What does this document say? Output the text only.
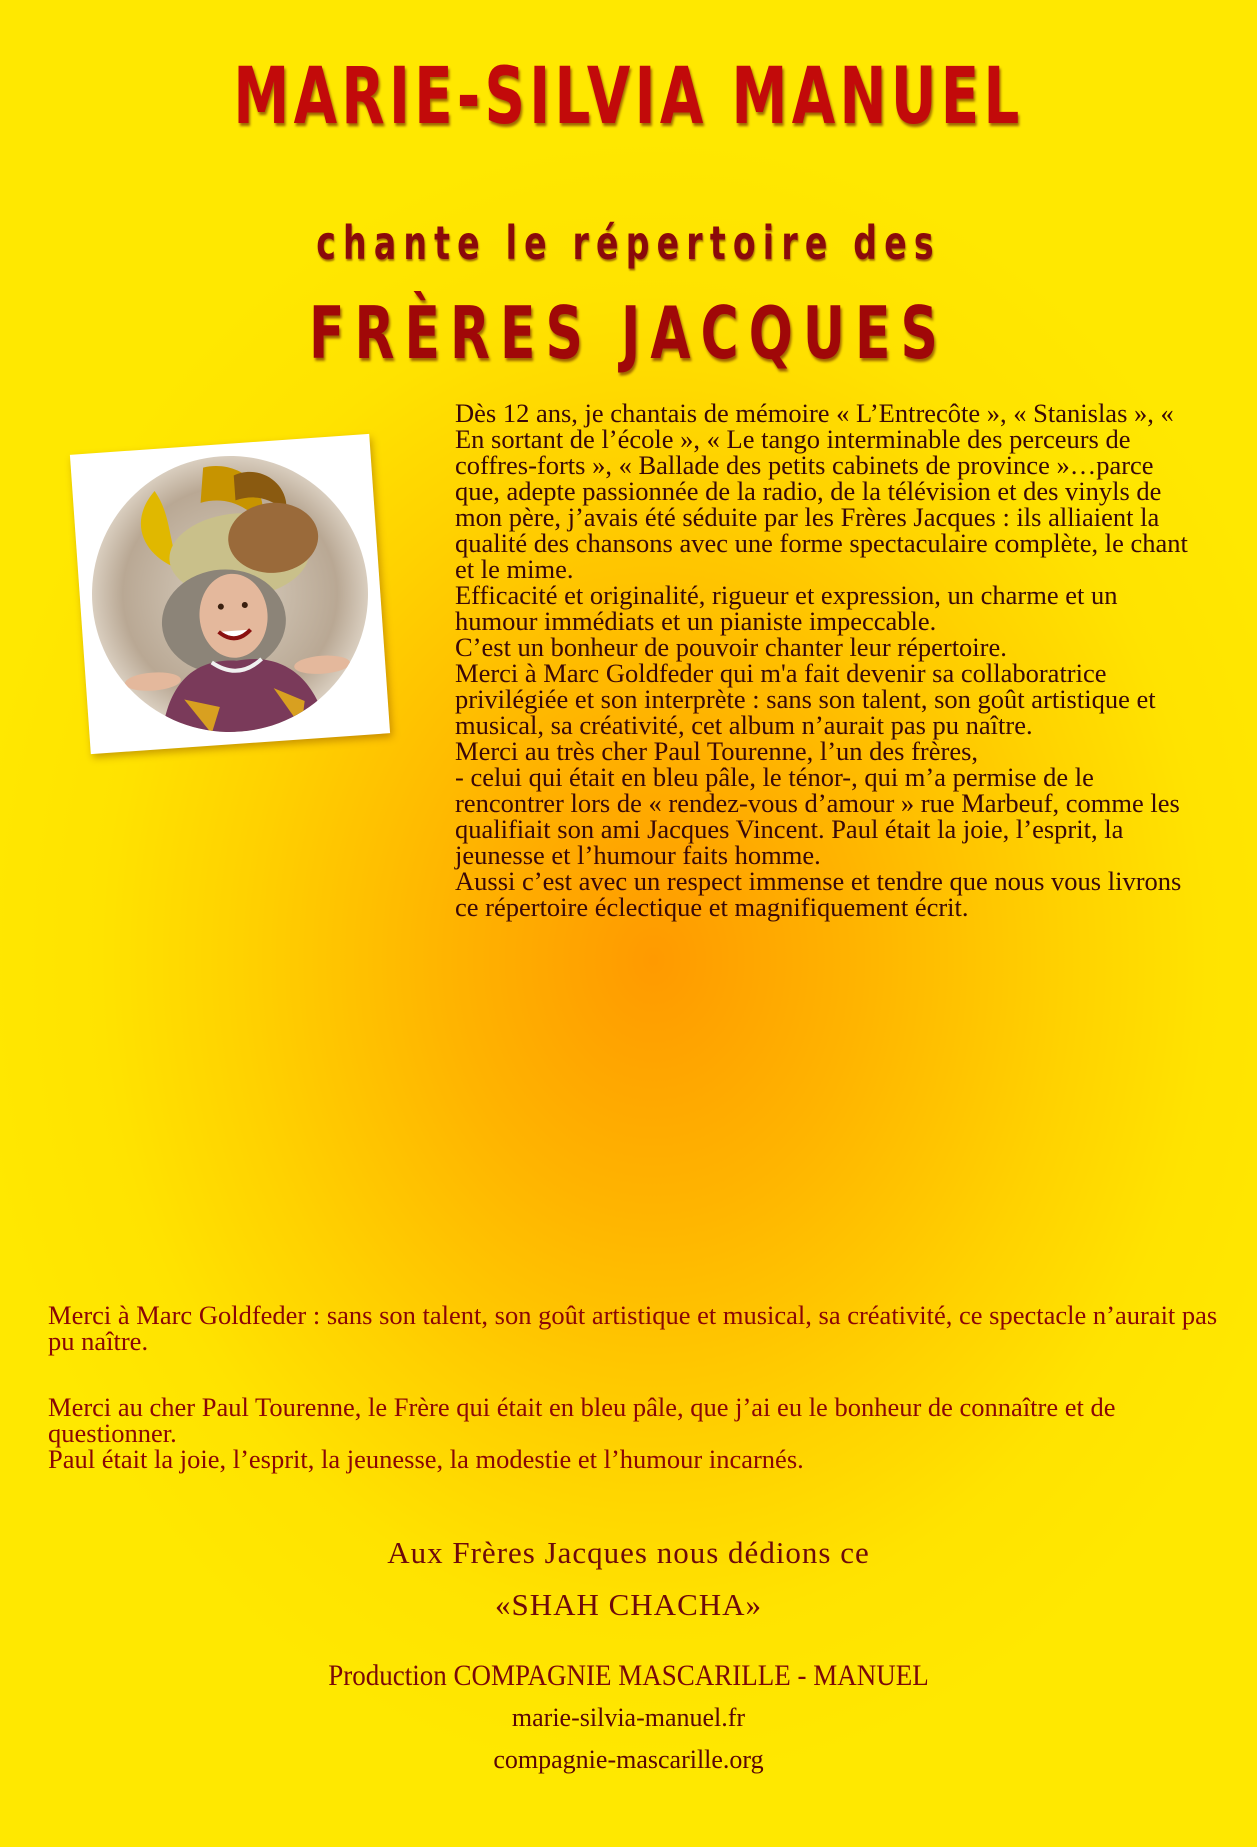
MARIE-SILVIA MANUEL
chante le répertoire des
FRÈRES JACQUES

Dès 12 ans, je chantais de mémoire « L’Entrecôte », « Stanislas », « En sortant de l’école », « Le tango interminable des perceurs de coffres-forts », « Ballade des petits cabinets de province »…parce que, adepte passionnée de la radio, de la télévision et des vinyls de mon père, j’avais été séduite par les Frères Jacques : ils alliaient la qualité des chansons avec une forme spectaculaire complète, le chant et le mime.

Efficacité et originalité, rigueur et expression, un charme et un humour immédiats et un pianiste impeccable.

C’est un bonheur de pouvoir chanter leur répertoire.

Merci à Marc Goldfeder qui m'a fait devenir sa collaboratrice privilégiée et son interprète : sans son talent, son goût artistique et musical, sa créativité, cet album n’aurait pas pu naître.

Merci au très cher Paul Tourenne, l’un des frères,

- celui qui était en bleu pâle, le ténor-, qui m’a permise de le rencontrer lors de « rendez-vous d’amour » rue Marbeuf, comme les qualifiait son ami Jacques Vincent. Paul était la joie, l’esprit, la jeunesse et l’humour faits homme.

Aussi c’est avec un respect immense et tendre que nous vous livrons ce répertoire éclectique et magnifiquement écrit.

Merci à Marc Goldfeder : sans son talent, son goût artistique et musical, sa créativité, ce spectacle n’aurait pas pu naître.

Merci au cher Paul Tourenne, le Frère qui était en bleu pâle, que j’ai eu le bonheur de connaître et de questionner.

Paul était la joie, l’esprit, la jeunesse, la modestie et l’humour incarnés.

Aux Frères Jacques nous dédions ce
«SHAH CHACHA»
Production COMPAGNIE MASCARILLE - MANUEL
marie-silvia-manuel.fr
compagnie-mascarille.org
